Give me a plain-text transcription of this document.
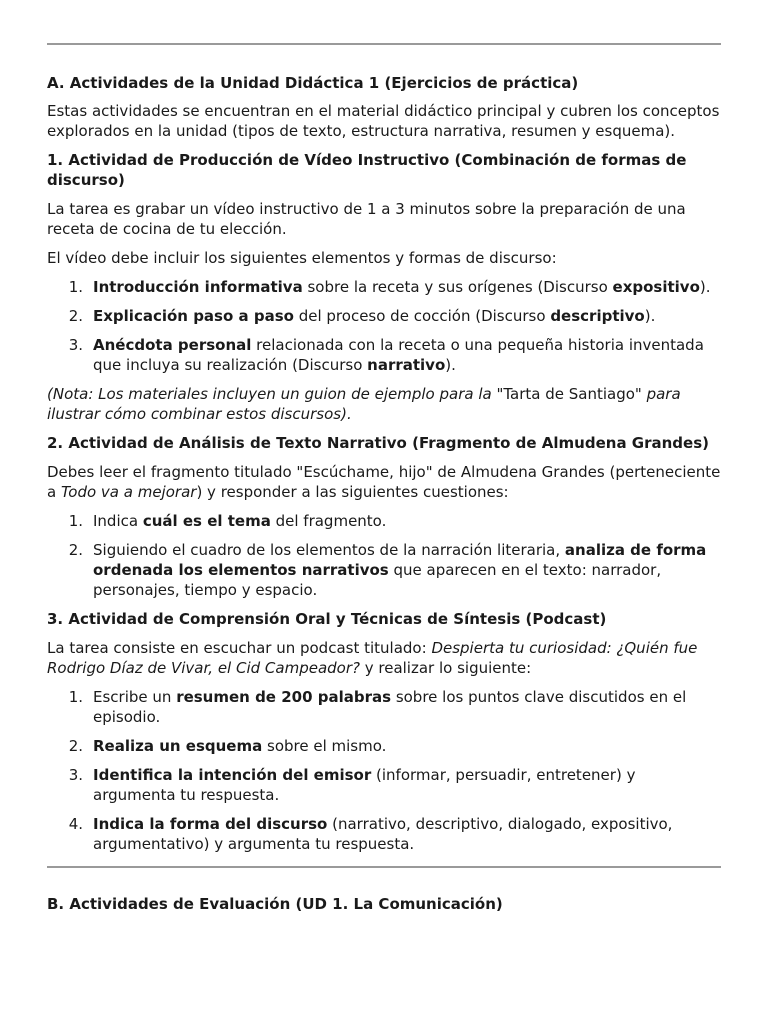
A. Actividades de la Unidad Didáctica 1 (Ejercicios de práctica)

Estas actividades se encuentran en el material didáctico principal y cubren los conceptos explorados en la unidad (tipos de texto, estructura narrativa, resumen y esquema).

1. Actividad de Producción de Vídeo Instructivo (Combinación de formas de discurso)

La tarea es grabar un vídeo instructivo de 1 a 3 minutos sobre la preparación de una receta de cocina de tu elección.

El vídeo debe incluir los siguientes elementos y formas de discurso:

1. Introducción informativa sobre la receta y sus orígenes (Discurso expositivo).
2. Explicación paso a paso del proceso de cocción (Discurso descriptivo).
3. Anécdota personal relacionada con la receta o una pequeña historia inventada que incluya su realización (Discurso narrativo).

(Nota: Los materiales incluyen un guion de ejemplo para la "Tarta de Santiago" para ilustrar cómo combinar estos discursos).

2. Actividad de Análisis de Texto Narrativo (Fragmento de Almudena Grandes)

Debes leer el fragmento titulado "Escúchame, hijo" de Almudena Grandes (perteneciente a Todo va a mejorar) y responder a las siguientes cuestiones:

1. Indica cuál es el tema del fragmento.
2. Siguiendo el cuadro de los elementos de la narración literaria, analiza de forma ordenada los elementos narrativos que aparecen en el texto: narrador, personajes, tiempo y espacio.
3. Actividad de Comprensión Oral y Técnicas de Síntesis (Podcast)

La tarea consiste en escuchar un podcast titulado: Despierta tu curiosidad: ¿Quién fue Rodrigo Díaz de Vivar, el Cid Campeador? y realizar lo siguiente:

1. Escribe un resumen de 200 palabras sobre los puntos clave discutidos en el episodio.
2. Realiza un esquema sobre el mismo.
3. Identifica la intención del emisor (informar, persuadir, entretener) y argumenta tu respuesta.
4. Indica la forma del discurso (narrativo, descriptivo, dialogado, expositivo, argumentativo) y argumenta tu respuesta.
B. Actividades de Evaluación (UD 1. La Comunicación)
